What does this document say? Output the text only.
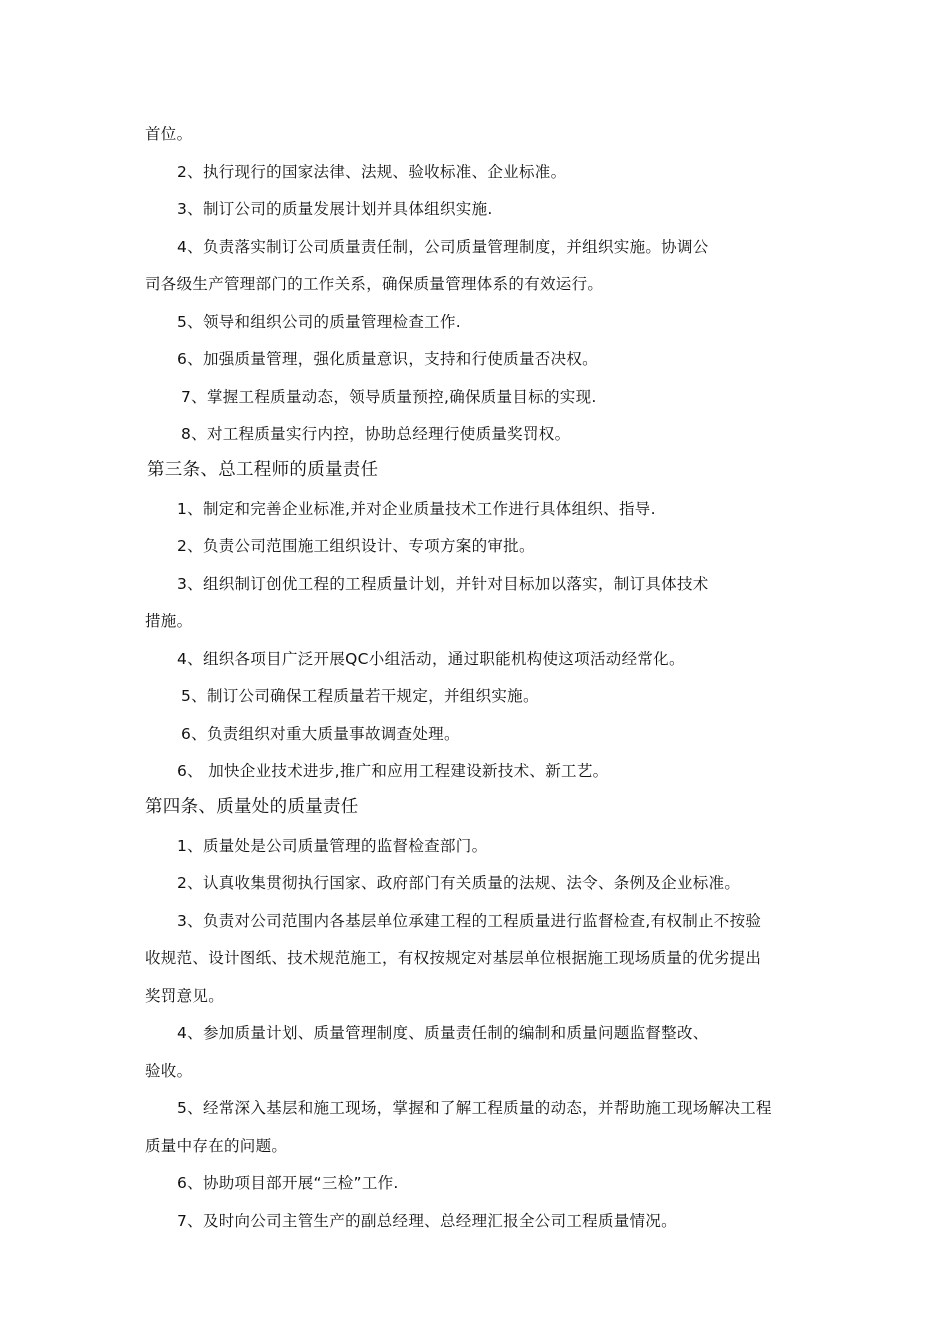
首位。
2、执行现行的国家法律、法规、验收标准、企业标准。
3、制订公司的质量发展计划并具体组织实施.
4、负责落实制订公司质量责任制，公司质量管理制度，并组织实施。协调公
司各级生产管理部门的工作关系，确保质量管理体系的有效运行。
5、领导和组织公司的质量管理检查工作.
6、加强质量管理，强化质量意识，支持和行使质量否决权。
7、掌握工程质量动态，领导质量预控,确保质量目标的实现.
8、对工程质量实行内控，协助总经理行使质量奖罚权。
第三条、总工程师的质量责任
1、制定和完善企业标准,并对企业质量技术工作进行具体组织、指导.
2、负责公司范围施工组织设计、专项方案的审批。
3、组织制订创优工程的工程质量计划，并针对目标加以落实，制订具体技术
措施。
4、组织各项目广泛开展QC小组活动，通过职能机构使这项活动经常化。
5、制订公司确保工程质量若干规定，并组织实施。
6、负责组织对重大质量事故调查处理。
6、 加快企业技术进步,推广和应用工程建设新技术、新工艺。
第四条、质量处的质量责任
1、质量处是公司质量管理的监督检查部门。
2、认真收集贯彻执行国家、政府部门有关质量的法规、法令、条例及企业标准。
3、负责对公司范围内各基层单位承建工程的工程质量进行监督检查,有权制止不按验
收规范、设计图纸、技术规范施工，有权按规定对基层单位根据施工现场质量的优劣提出
奖罚意见。
4、参加质量计划、质量管理制度、质量责任制的编制和质量问题监督整改、
验收。
5、经常深入基层和施工现场，掌握和了解工程质量的动态，并帮助施工现场解决工程
质量中存在的问题。
6、协助项目部开展“三检”工作.
7、及时向公司主管生产的副总经理、总经理汇报全公司工程质量情况。
